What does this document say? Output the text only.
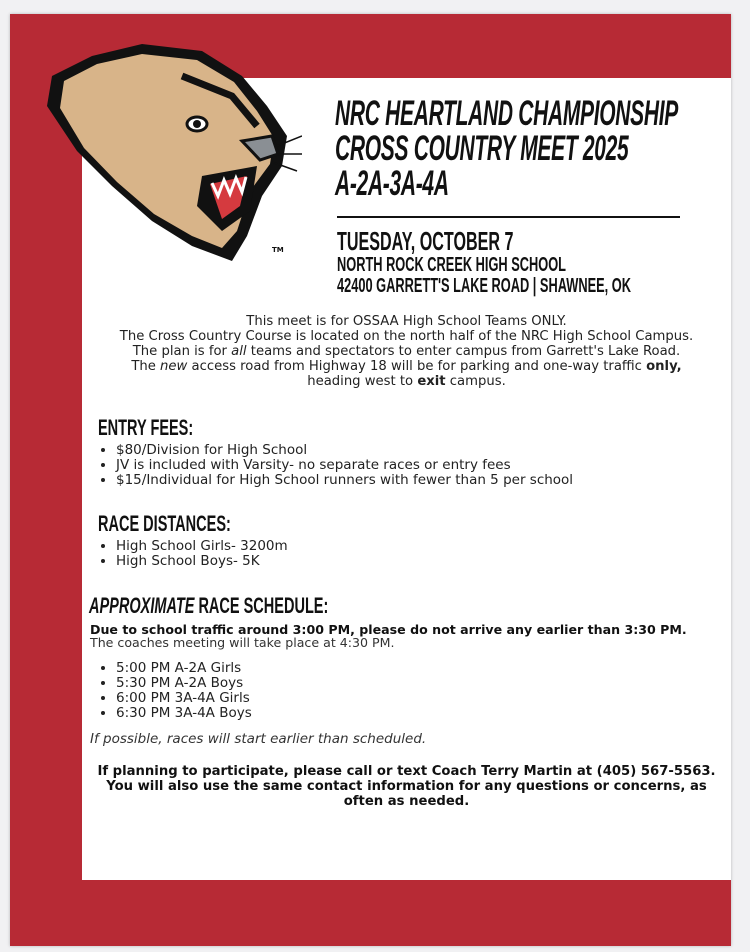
TM
NRC HEARTLAND CHAMPIONSHIP
CROSS COUNTRY MEET 2025
A-2A-3A-4A
TUESDAY, OCTOBER 7
NORTH ROCK CREEK HIGH SCHOOL
42400 GARRETT'S LAKE ROAD | SHAWNEE, OK
This meet is for OSSAA High School Teams ONLY.
The Cross Country Course is located on the north half of the NRC High School Campus.
The plan is for all teams and spectators to enter campus from Garrett's Lake Road.
The new access road from Highway 18 will be for parking and one-way traffic only,
heading west to exit campus.
ENTRY FEES:
• $80/Division for High School
• JV is included with Varsity- no separate races or entry fees
• $15/Individual for High School runners with fewer than 5 per school
RACE DISTANCES:
• High School Girls- 3200m
• High School Boys- 5K
APPROXIMATE RACE SCHEDULE:
Due to school traffic around 3:00 PM, please do not arrive any earlier than 3:30 PM.
The coaches meeting will take place at 4:30 PM.
• 5:00 PM A-2A Girls
• 5:30 PM A-2A Boys
• 6:00 PM 3A-4A Girls
• 6:30 PM 3A-4A Boys
If possible, races will start earlier than scheduled.
If planning to participate, please call or text Coach Terry Martin at (405) 567-5563.
You will also use the same contact information for any questions or concerns, as
often as needed.
